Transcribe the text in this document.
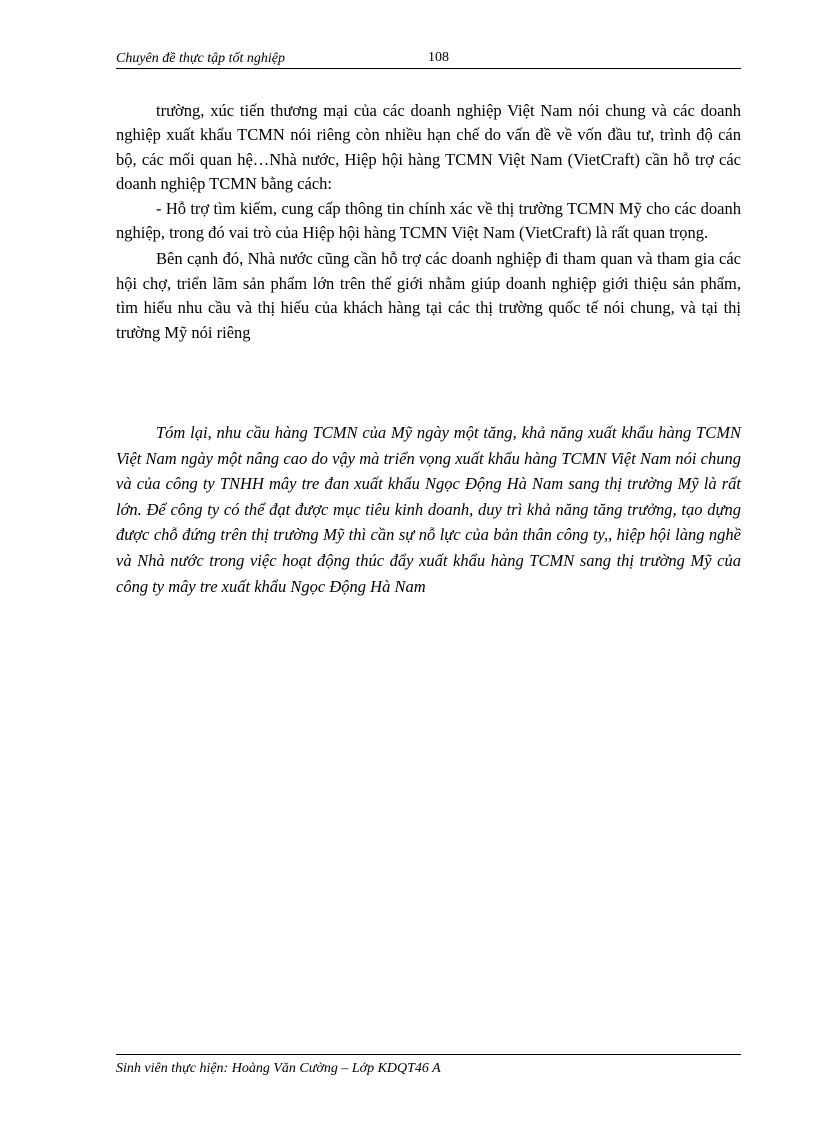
Chuyên đề thực tập tốt nghiệp	108

trường, xúc tiến thương mại của các doanh nghiệp Việt Nam nói chung và các doanh nghiệp xuất khẩu TCMN nói riêng còn nhiều hạn chế do vấn đề về vốn đầu tư, trình độ cán bộ, các mối quan hệ…Nhà nước, Hiệp hội hàng TCMN Việt Nam (VietCraft) cần hỗ trợ các doanh nghiệp TCMN bằng cách:

- Hỗ trợ tìm kiếm, cung cấp thông tin chính xác về thị trường TCMN Mỹ cho các doanh nghiệp, trong đó vai trò của Hiệp hội hàng TCMN Việt Nam (VietCraft) là rất quan trọng.

Bên cạnh đó, Nhà nước cũng cần hỗ trợ các doanh nghiệp đi tham quan và tham gia các hội chợ, triển lãm sản phẩm lớn trên thế giới nhằm giúp doanh nghiệp giới thiệu sản phẩm, tìm hiểu nhu cầu và thị hiếu của khách hàng tại các thị trường quốc tế nói chung, và tại thị trường Mỹ nói riêng

Tóm lại, nhu cầu hàng TCMN của Mỹ ngày một tăng, khả năng xuất khẩu hàng TCMN Việt Nam ngày một nâng cao do vậy mà triển vọng xuất khẩu hàng TCMN Việt Nam nói chung và của công ty TNHH mây tre đan xuất khẩu Ngọc Động Hà Nam sang thị trường Mỹ là rất lớn. Để công ty có thể đạt được mục tiêu kinh doanh, duy trì khả năng tăng trưởng, tạo dựng được chỗ đứng trên thị trường Mỹ thì cần sự nỗ lực của bản thân công ty,, hiệp hội làng nghề và Nhà nước trong việc hoạt động thúc đẩy xuất khẩu hàng TCMN sang thị trường Mỹ của công ty mây tre xuất khẩu Ngọc Động Hà Nam

Sinh viên thực hiện: Hoàng Văn Cường – Lớp KDQT46 A
